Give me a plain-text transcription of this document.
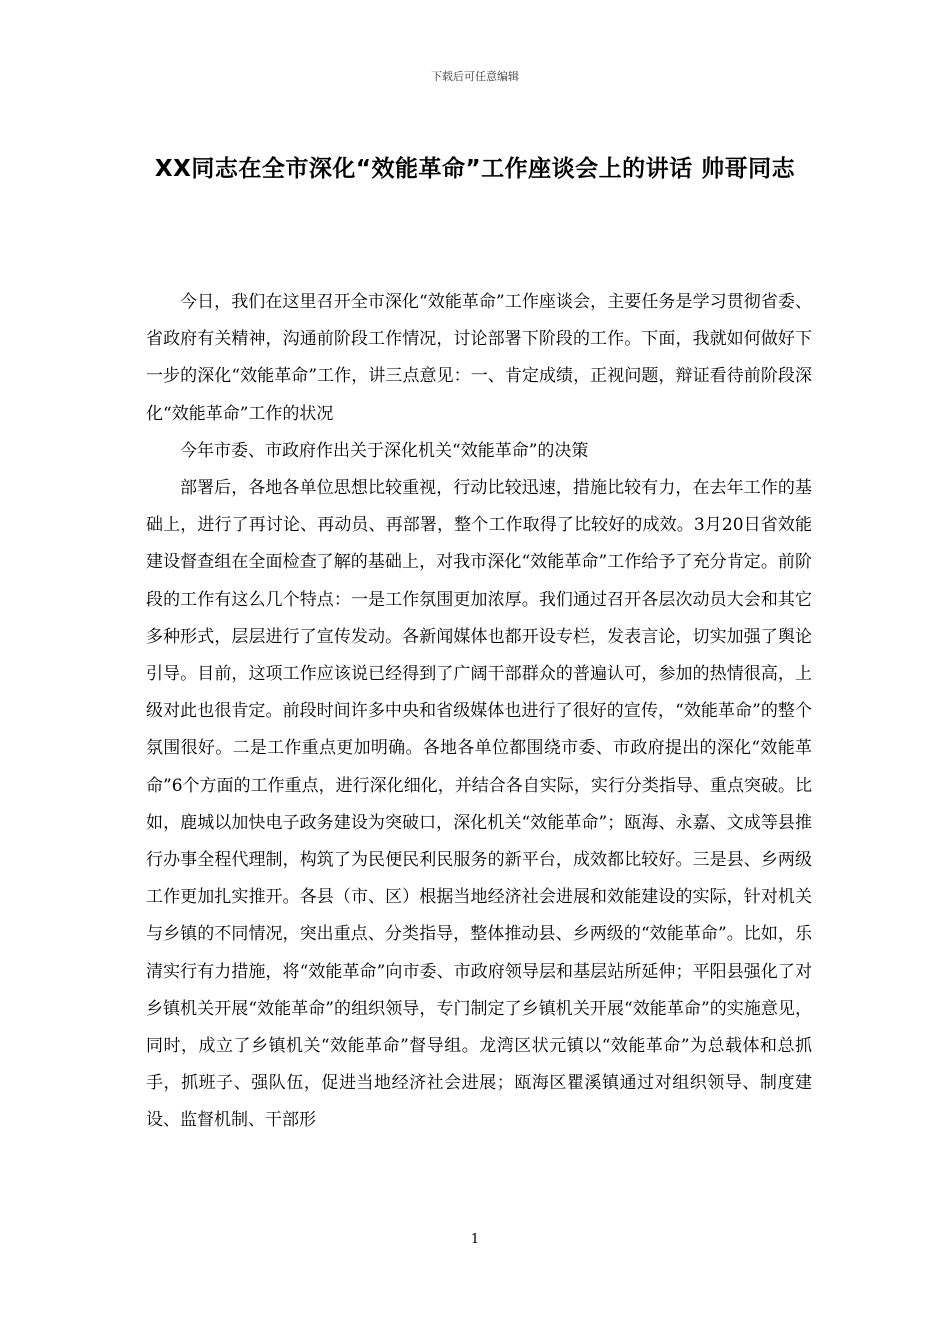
下载后可任意编辑
XX同志在全市深化“效能革命”工作座谈会上的讲话 帅哥同志

今日，我们在这里召开全市深化“效能革命”工作座谈会，主要任务是学习贯彻省委、省政府有关精神，沟通前阶段工作情况，讨论部署下阶段的工作。下面，我就如何做好下一步的深化“效能革命”工作，讲三点意见：一、肯定成绩，正视问题，辩证看待前阶段深化“效能革命”工作的状况

今年市委、市政府作出关于深化机关“效能革命”的决策

部署后，各地各单位思想比较重视，行动比较迅速，措施比较有力，在去年工作的基础上，进行了再讨论、再动员、再部署，整个工作取得了比较好的成效。3月20日省效能建设督查组在全面检查了解的基础上，对我市深化“效能革命”工作给予了充分肯定。前阶段的工作有这么几个特点：一是工作氛围更加浓厚。我们通过召开各层次动员大会和其它多种形式，层层进行了宣传发动。各新闻媒体也都开设专栏，发表言论，切实加强了舆论引导。目前，这项工作应该说已经得到了广阔干部群众的普遍认可，参加的热情很高，上级对此也很肯定。前段时间许多中央和省级媒体也进行了很好的宣传，“效能革命”的整个氛围很好。二是工作重点更加明确。各地各单位都围绕市委、市政府提出的深化“效能革命”6个方面的工作重点，进行深化细化，并结合各自实际，实行分类指导、重点突破。比如，鹿城以加快电子政务建设为突破口，深化机关“效能革命”；瓯海、永嘉、文成等县推行办事全程代理制，构筑了为民便民利民服务的新平台，成效都比较好。三是县、乡两级工作更加扎实推开。各县（市、区）根据当地经济社会进展和效能建设的实际，针对机关与乡镇的不同情况，突出重点、分类指导，整体推动县、乡两级的“效能革命”。比如，乐清实行有力措施，将“效能革命”向市委、市政府领导层和基层站所延伸；平阳县强化了对乡镇机关开展“效能革命”的组织领导，专门制定了乡镇机关开展“效能革命”的实施意见，同时，成立了乡镇机关“效能革命”督导组。龙湾区状元镇以“效能革命”为总载体和总抓手，抓班子、强队伍，促进当地经济社会进展；瓯海区瞿溪镇通过对组织领导、制度建设、监督机制、干部形

1
